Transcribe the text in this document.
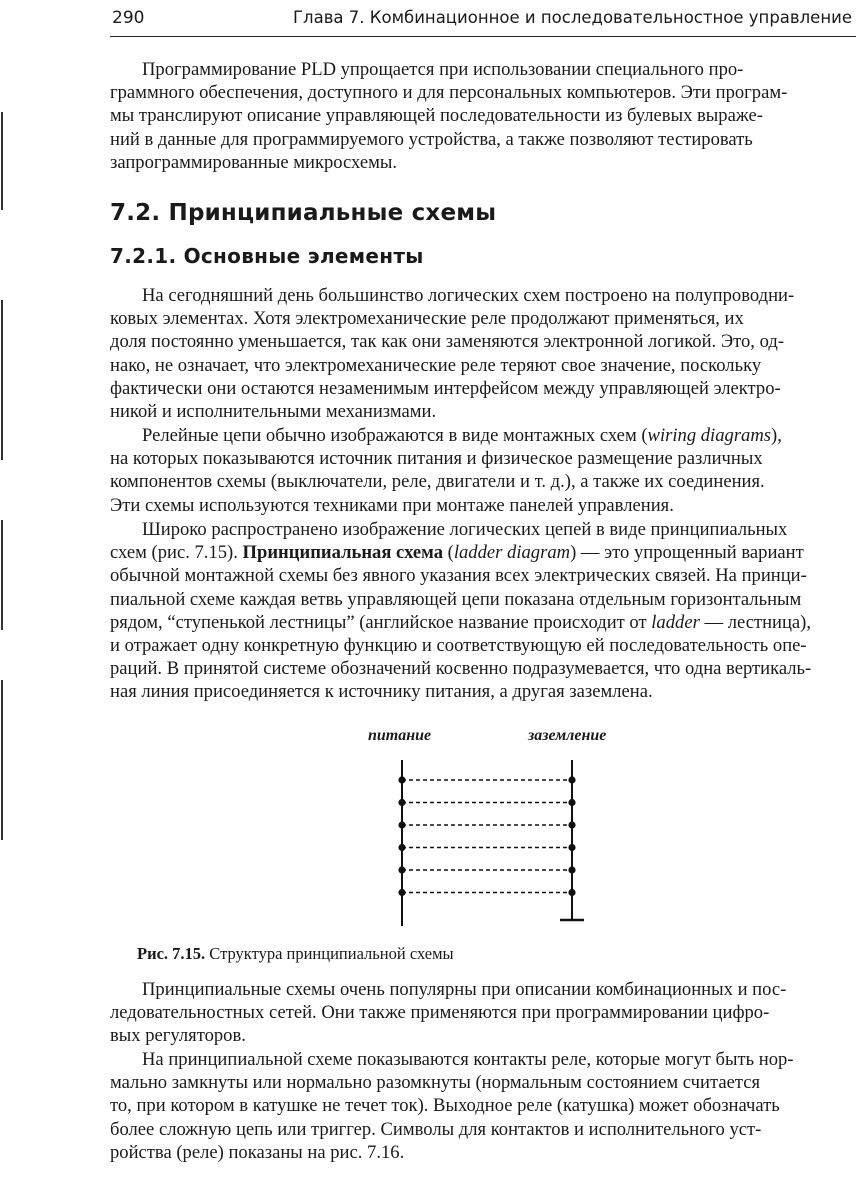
290	Глава 7. Комбинационное и последовательностное управление
Программирование PLD упрощается при использовании специального про-
граммного обеспечения, доступного и для персональных компьютеров. Эти програм-
мы транслируют описание управляющей последовательности из булевых выраже-
ний в данные для программируемого устройства, а также позволяют тестировать
запрограммированные микросхемы.
7.2. Принципиальные схемы
7.2.1. Основные элементы
На сегодняшний день большинство логических схем построено на полупроводни-
ковых элементах. Хотя электромеханические реле продолжают применяться, их
доля постоянно уменьшается, так как они заменяются электронной логикой. Это, од-
нако, не означает, что электромеханические реле теряют свое значение, поскольку
фактически они остаются незаменимым интерфейсом между управляющей электро-
никой и исполнительными механизмами.
Релейные цепи обычно изображаются в виде монтажных схем (wiring diagrams),
на которых показываются источник питания и физическое размещение различных
компонентов схемы (выключатели, реле, двигатели и т. д.), а также их соединения.
Эти схемы используются техниками при монтаже панелей управления.
Широко распространено изображение логических цепей в виде принципиальных
схем (рис. 7.15). Принципиальная схема (ladder diagram) — это упрощенный вариант
обычной монтажной схемы без явного указания всех электрических связей. На принци-
пиальной схеме каждая ветвь управляющей цепи показана отдельным горизонтальным
рядом, “ступенькой лестницы” (английское название происходит от ladder — лестница),
и отражает одну конкретную функцию и соответствующую ей последовательность опе-
раций. В принятой системе обозначений косвенно подразумевается, что одна вертикаль-
ная линия присоединяется к источнику питания, а другая заземлена.
питание	заземление
Рис. 7.15. Структура принципиальной схемы
Принципиальные схемы очень популярны при описании комбинационных и пос-
ледовательностных сетей. Они также применяются при программировании цифро-
вых регуляторов.
На принципиальной схеме показываются контакты реле, которые могут быть нор-
мально замкнуты или нормально разомкнуты (нормальным состоянием считается
то, при котором в катушке не течет ток). Выходное реле (катушка) может обозначать
более сложную цепь или триггер. Символы для контактов и исполнительного уст-
ройства (реле) показаны на рис. 7.16.
